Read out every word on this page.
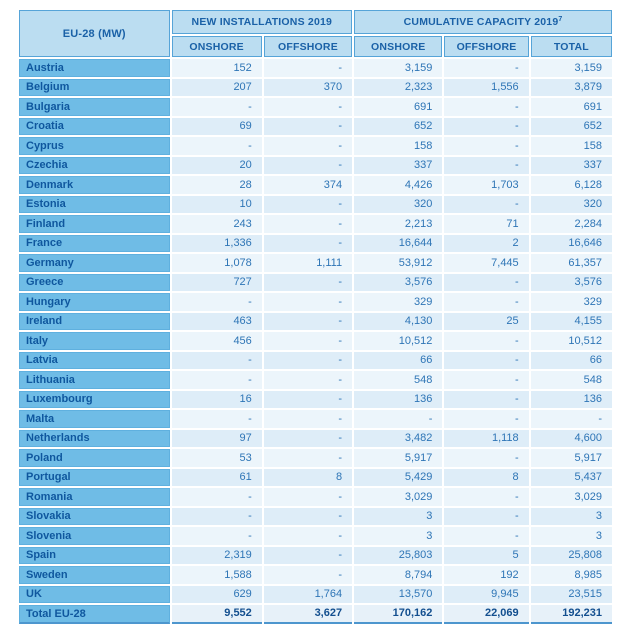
EU-28 (MW)	NEW INSTALLATIONS 2019		CUMULATIVE CAPACITY 2019$^7$
	ONSHORE	OFFSHORE	ONSHORE	OFFSHORE	TOTAL
Austria	152	-	3,159	-	3,159
Belgium	207	370	2,323	1,556	3,879
Bulgaria	-	-	691	-	691
Croatia	69	-	652	-	652
Cyprus	-	-	158	-	158
Czechia	20	-	337	-	337
Denmark	28	374	4,426	1,703	6,128
Estonia	10	-	320	-	320
Finland	243	-	2,213	71	2,284
France	1,336	-	16,644	2	16,646
Germany	1,078	1,111	53,912	7,445	61,357
Greece	727	-	3,576	-	3,576
Hungary	-	-	329	-	329
Ireland	463	-	4,130	25	4,155
Italy	456	-	10,512	-	10,512
Latvia	-	-	66	-	66
Lithuania	-	-	548	-	548
Luxembourg	16	-	136	-	136
Malta	-	-	-	-	-
Netherlands	97	-	3,482	1,118	4,600
Poland	53	-	5,917	-	5,917
Portugal	61	8	5,429	8	5,437
Romania	-	-	3,029	-	3,029
Slovakia	-	-	3	-	3
Slovenia	-	-	3	-	3
Spain	2,319	-	25,803	5	25,808
Sweden	1,588	-	8,794	192	8,985
UK	629	1,764	13,570	9,945	23,515
Total EU-28	9,552	3,627	170,162	22,069	192,231
